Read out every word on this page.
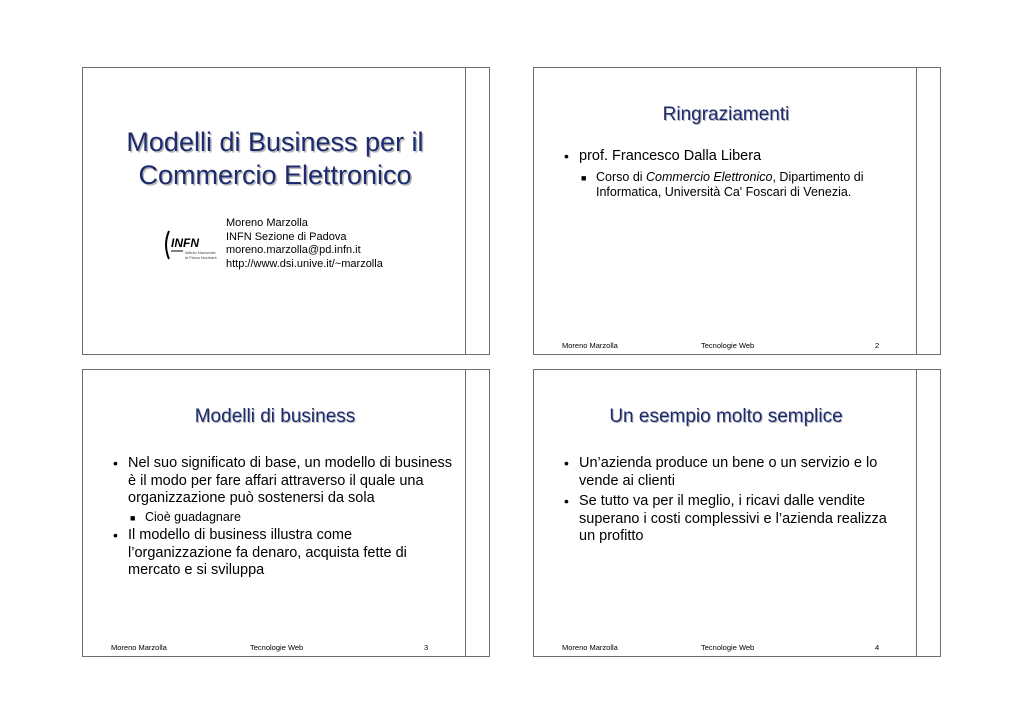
Modelli di Business per il
Commercio Elettronico
INFN
Istituto Nazionale
di Fisica Nucleare
Moreno Marzolla
INFN Sezione di Padova
moreno.marzolla@pd.infn.it
http://www.dsi.unive.it/~marzolla
Ringraziamenti
• prof. Francesco Dalla Libera
■ Corso di Commercio Elettronico, Dipartimento di Informatica, Università Ca' Foscari di Venezia.
Moreno Marzolla	Tecnologie Web	2
Modelli di business
• Nel suo significato di base, un modello di business è il modo per fare affari attraverso il quale una organizzazione può sostenersi da sola
■ Cioè guadagnare
• Il modello di business illustra come l’organizzazione fa denaro, acquista fette di mercato e si sviluppa
Moreno Marzolla	Tecnologie Web	3
Un esempio molto semplice
• Un’azienda produce un bene o un servizio e lo vende ai clienti
• Se tutto va per il meglio, i ricavi dalle vendite superano i costi complessivi e l’azienda realizza un profitto
Moreno Marzolla	Tecnologie Web	4
